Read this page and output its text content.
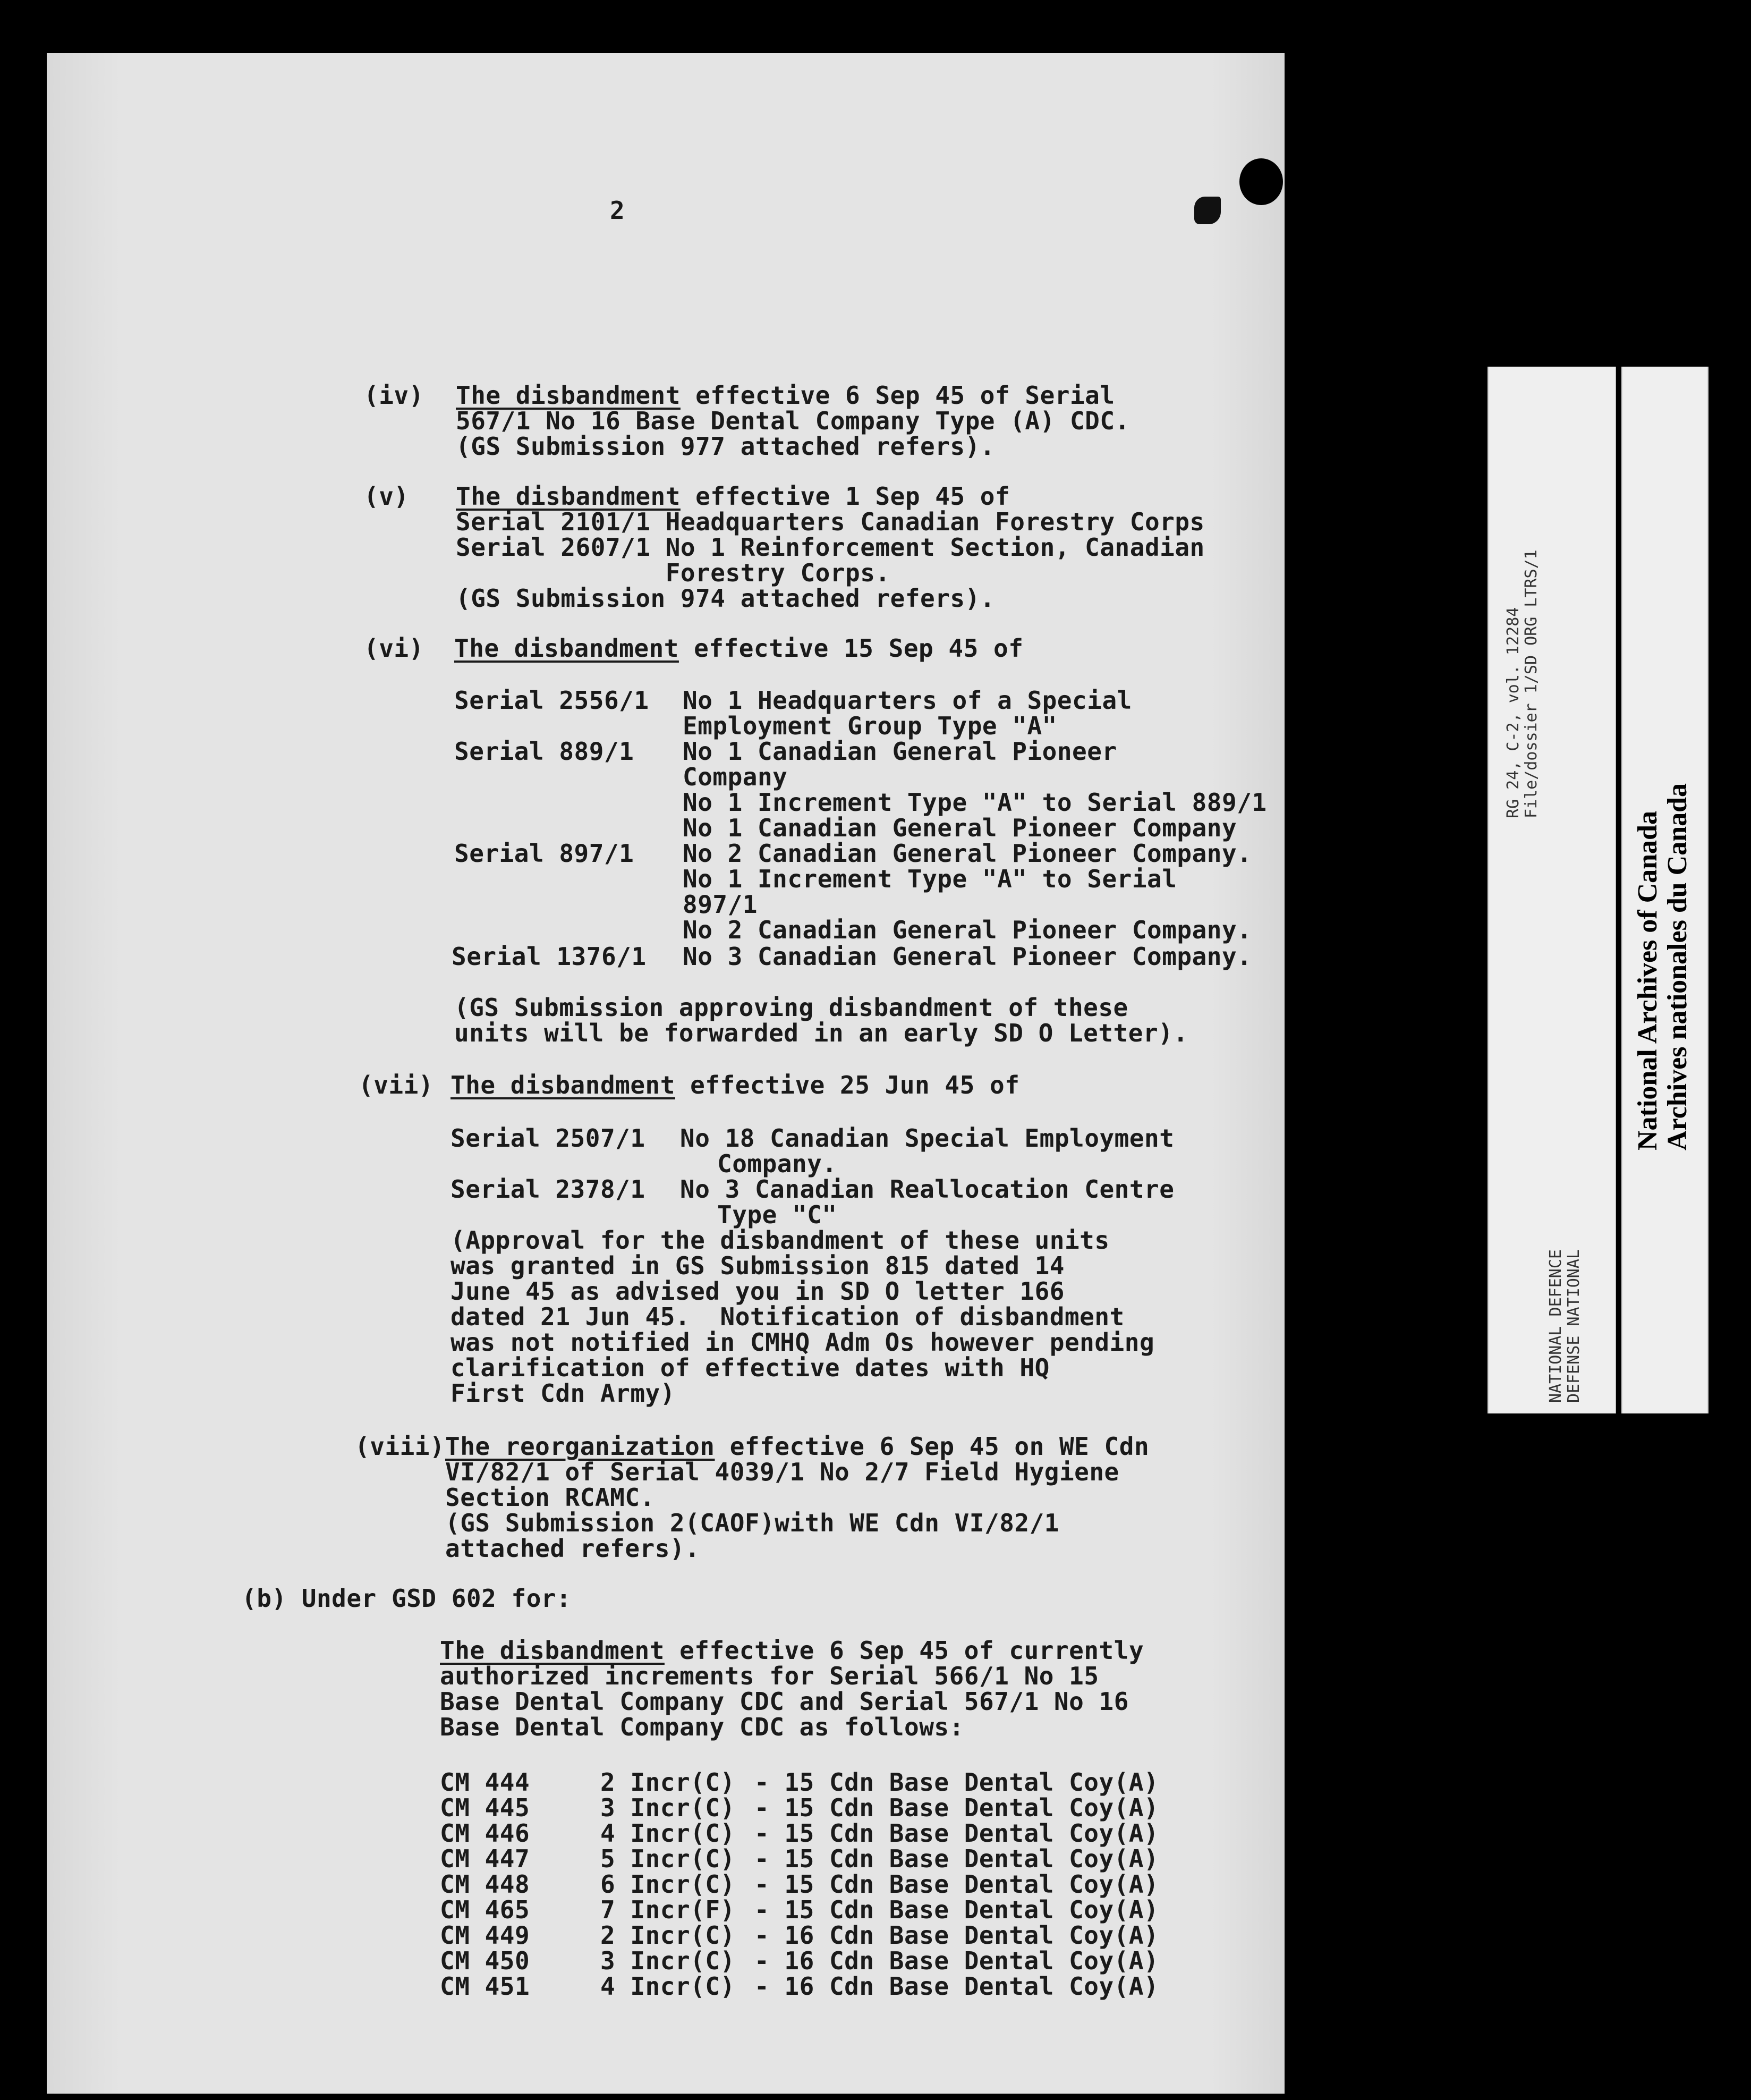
2
(iv) The disbandment effective 6 Sep 45 of Serial
567/1 No 16 Base Dental Company Type (A) CDC.
(GS Submission 977 attached refers).
(v) The disbandment effective 1 Sep 45 of
Serial 2101/1 Headquarters Canadian Forestry Corps
Serial 2607/1 No 1 Reinforcement Section, Canadian
Forestry Corps.
(GS Submission 974 attached refers).
(vi) The disbandment effective 15 Sep 45 of
Serial 2556/1 No 1 Headquarters of a Special
Employment Group Type "A"
Serial 889/1 No 1 Canadian General Pioneer
Company
No 1 Increment Type "A" to Serial 889/1
No 1 Canadian General Pioneer Company
Serial 897/1 No 2 Canadian General Pioneer Company.
No 1 Increment Type "A" to Serial
897/1
No 2 Canadian General Pioneer Company.
Serial 1376/1 No 3 Canadian General Pioneer Company.
(GS Submission approving disbandment of these
units will be forwarded in an early SD O Letter).
(vii) The disbandment effective 25 Jun 45 of
Serial 2507/1 No 18 Canadian Special Employment
Company.
Serial 2378/1 No 3 Canadian Reallocation Centre
Type "C"
(Approval for the disbandment of these units
was granted in GS Submission 815 dated 14
June 45 as advised you in SD O letter 166
dated 21 Jun 45.  Notification of disbandment
was not notified in CMHQ Adm Os however pending
clarification of effective dates with HQ
First Cdn Army)
(viii) The reorganization effective 6 Sep 45 on WE Cdn
VI/82/1 of Serial 4039/1 No 2/7 Field Hygiene
Section RCAMC.
(GS Submission 2(CAOF)with WE Cdn VI/82/1
attached refers).
(b) Under GSD 602 for:
The disbandment effective 6 Sep 45 of currently
authorized increments for Serial 566/1 No 15
Base Dental Company CDC and Serial 567/1 No 16
Base Dental Company CDC as follows:
CM 444	2 Incr(C) - 15 Cdn Base Dental Coy(A)
CM 445	3 Incr(C) - 15 Cdn Base Dental Coy(A)
CM 446	4 Incr(C) - 15 Cdn Base Dental Coy(A)
CM 447	5 Incr(C) - 15 Cdn Base Dental Coy(A)
CM 448	6 Incr(C) - 15 Cdn Base Dental Coy(A)
CM 465	7 Incr(F) - 15 Cdn Base Dental Coy(A)
CM 449	2 Incr(C) - 16 Cdn Base Dental Coy(A)
CM 450	3 Incr(C) - 16 Cdn Base Dental Coy(A)
CM 451	4 Incr(C) - 16 Cdn Base Dental Coy(A)
RG 24, C-2, vol. 12284
File/dossier 1/SD ORG LTRS/1
NATIONAL DEFENCE
DEFENSE NATIONAL
National Archives of Canada
Archives nationales du Canada
